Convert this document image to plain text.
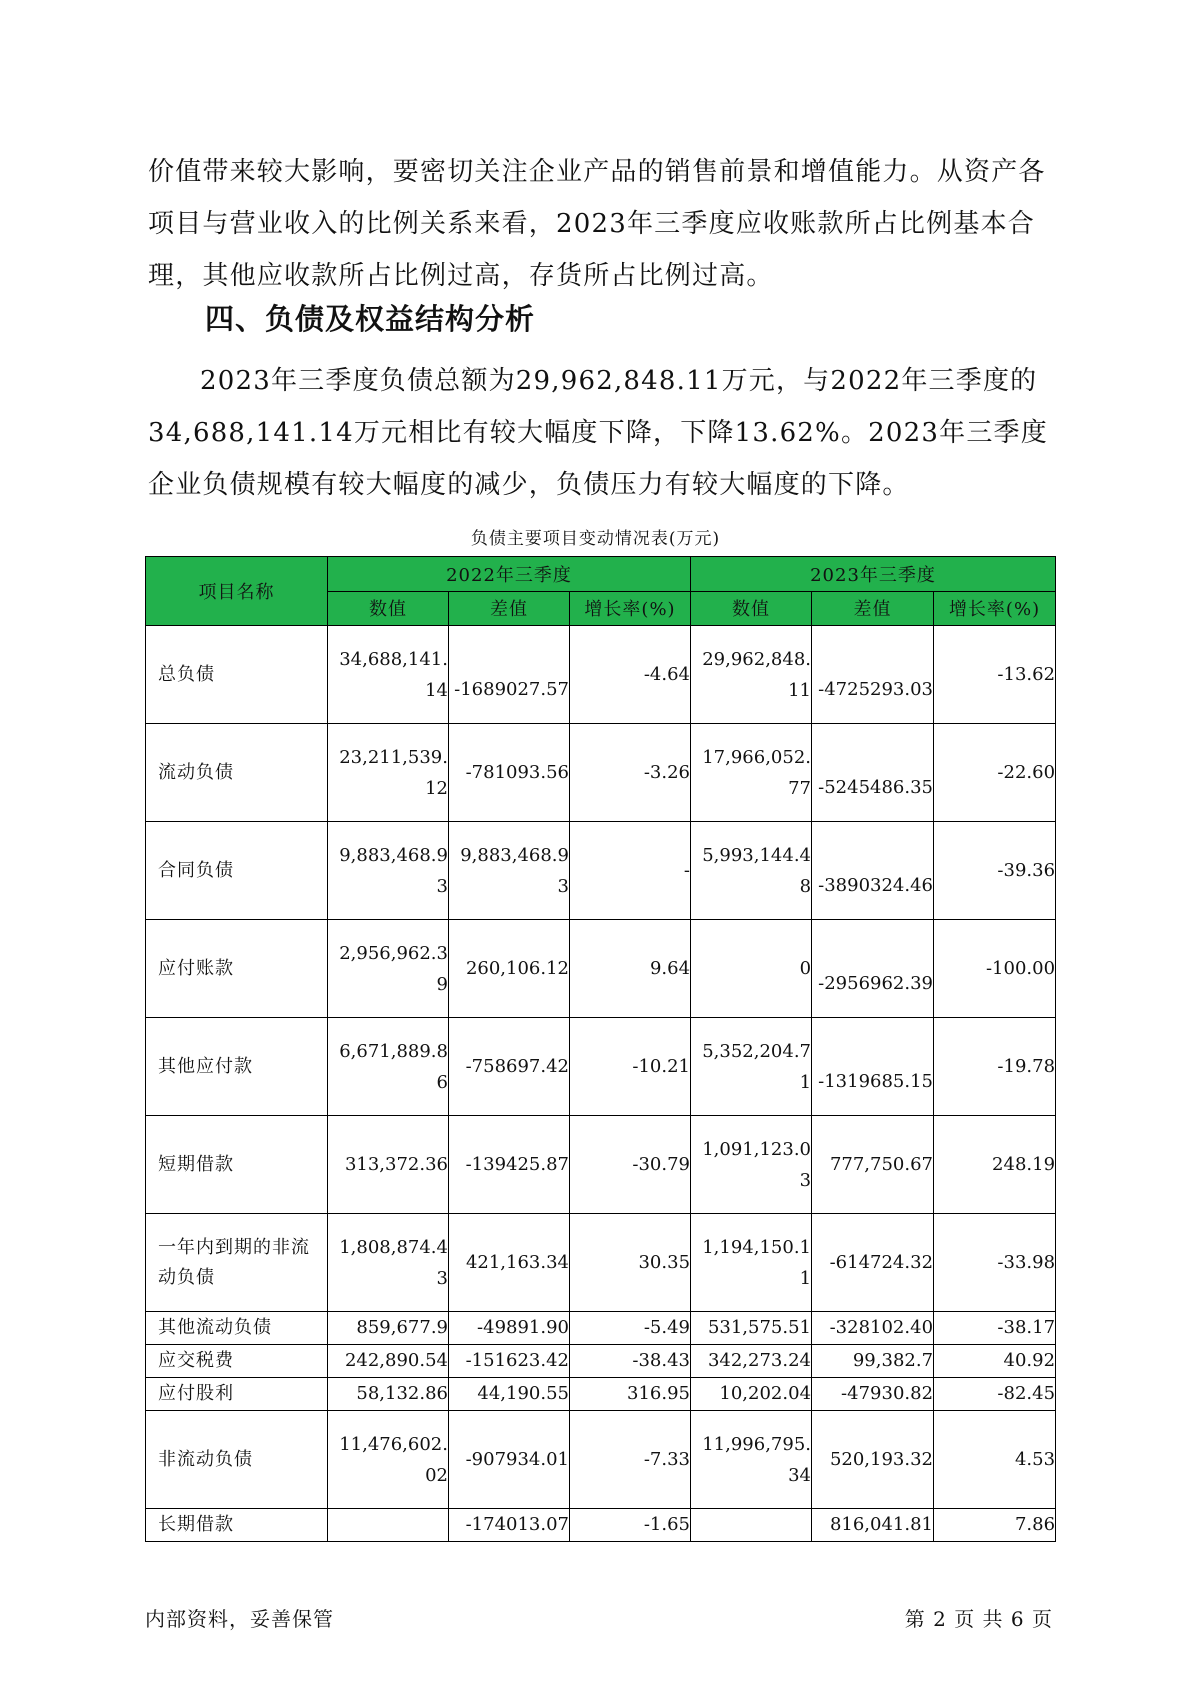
价值带来较大影响，要密切关注企业产品的销售前景和增值能力。从资产各项目与营业收入的比例关系来看，2023年三季度应收账款所占比例基本合理，其他应收款所占比例过高，存货所占比例过高。

四、负债及权益结构分析

2023年三季度负债总额为29,962,848.11万元，与2022年三季度的34,688,141.14万元相比有较大幅度下降，下降13.62%。2023年三季度企业负债规模有较大幅度的减少，负债压力有较大幅度的下降。

负债主要项目变动情况表(万元)
项目名称	2022年三季度			2023年三季度		
	数值	差值	增长率(%)	数值	差值	增长率(%)
总负债	34,688,141.14	-1689027.57	-4.64	29,962,848.11	-4725293.03	-13.62

流动负债	23,211,539.12	-781093.56	-3.26	17,966,052.77	-5245486.35	-22.60

合同负债	9,883,468.93	9,883,468.93	-	5,993,144.48	-3890324.46	-39.36

应付账款	2,956,962.39	260,106.12	9.64	0	-2956962.39	-100.00

其他应付款	6,671,889.86	-758697.42	-10.21	5,352,204.71	-1319685.15	-19.78

短期借款	313,372.36	-139425.87	-30.79	1,091,123.03	777,750.67	248.19

一年内到期的非流动负债	1,808,874.43	421,163.34	30.35	1,194,150.11	-614724.32	-33.98

其他流动负债	859,677.9	-49891.90	-5.49	531,575.51	-328102.40	-38.17
应交税费	242,890.54	-151623.42	-38.43	342,273.24	99,382.7	40.92
应付股利	58,132.86	44,190.55	316.95	10,202.04	-47930.82	-82.45
非流动负债	11,476,602.02	-907934.01	-7.33	11,996,795.34	520,193.32	4.53

长期借款		-174013.07	-1.65		816,041.81	7.86
内部资料，妥善保管	第 2 页 共 6 页
